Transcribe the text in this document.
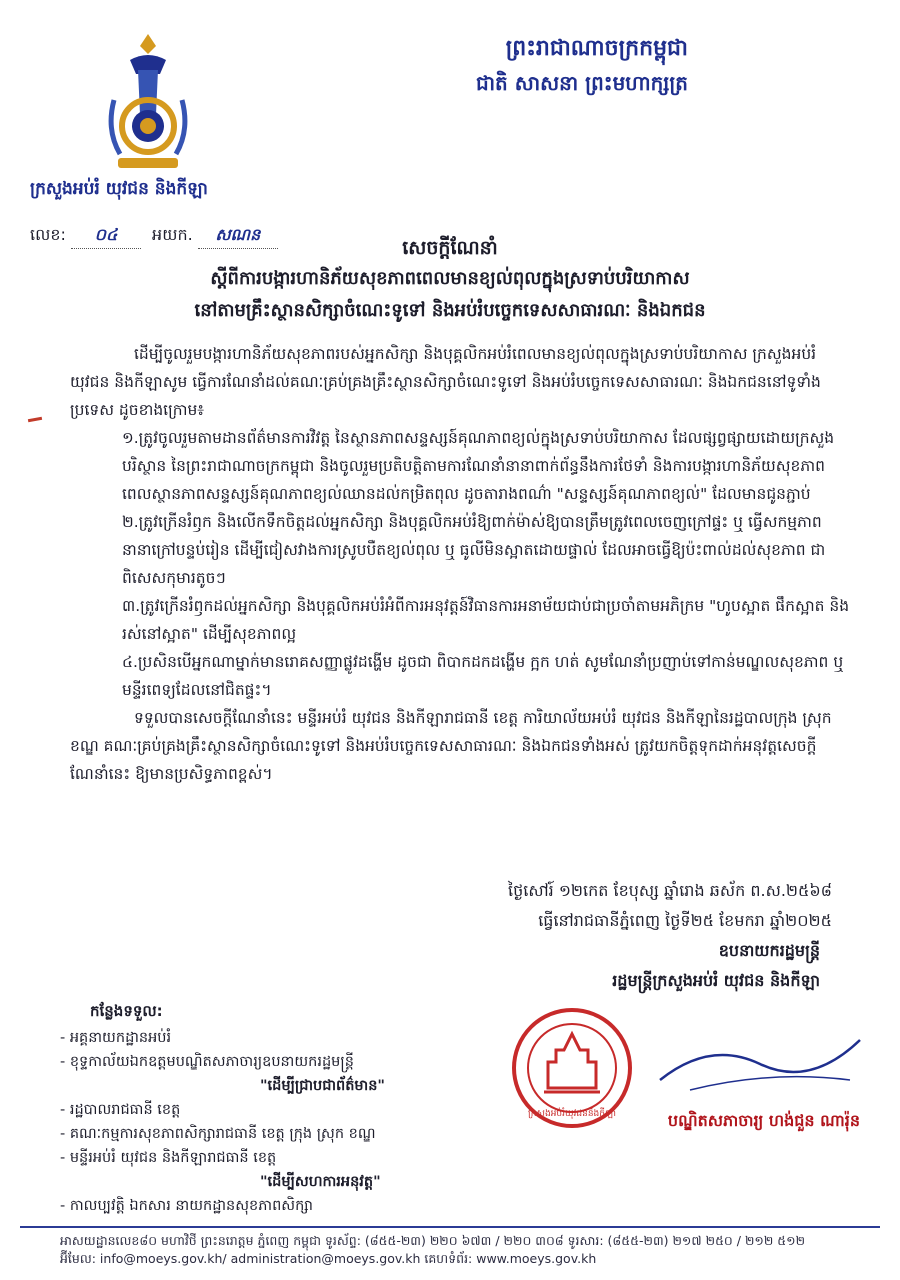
ព្រះរាជាណាចក្រកម្ពុជា
ជាតិ សាសនា ព្រះមហាក្សត្រ
ក្រសួងអប់រំ យុវជន និងកីឡា
លេខ: ០៤ អយក. សណន
សេចក្ដីណែនាំ
ស្ដីពីការបង្ការហានិភ័យសុខភាពពេលមានខ្យល់ពុលក្នុងស្រទាប់បរិយាកាស
នៅតាមគ្រឹះស្ថានសិក្សាចំណេះទូទៅ និងអប់រំបច្ចេកទេសសាធារណៈ និងឯកជន

ដើម្បីចូលរួមបង្ការហានិភ័យសុខភាពរបស់អ្នកសិក្សា និងបុគ្គលិកអប់រំពេលមានខ្យល់ពុលក្នុងស្រទាប់បរិយាកាស ក្រសួងអប់រំ យុវជន និងកីឡាសូម ធ្វើការណែនាំដល់គណៈគ្រប់គ្រងគ្រឹះស្ថានសិក្សាចំណេះទូទៅ និងអប់រំបច្ចេកទេសសាធារណៈ និងឯកជននៅទូទាំងប្រទេស ដូចខាងក្រោម៖

១.ត្រូវចូលរួមតាមដានព័ត៌មានការវិវត្ត នៃស្ថានភាពសន្ទស្សន៍គុណភាពខ្យល់ក្នុងស្រទាប់បរិយាកាស ដែលផ្សព្វផ្សាយដោយក្រសួងបរិស្ថាន នៃព្រះរាជាណាចក្រកម្ពុជា និងចូលរួមប្រតិបត្តិតាមការណែនាំនានាពាក់ព័ន្ធនឹងការថែទាំ និងការបង្ការហានិភ័យសុខភាពពេលស្ថានភាពសន្ទស្សន៍គុណភាពខ្យល់ឈានដល់កម្រិតពុល ដូចតារាងពណ៌ា "សន្ទស្សន៍គុណភាពខ្យល់" ដែលមានជូនភ្ជាប់

២.ត្រូវក្រើនរំឭក និងលើកទឹកចិត្តដល់អ្នកសិក្សា និងបុគ្គលិកអប់រំឱ្យពាក់ម៉ាស់ឱ្យបានត្រឹមត្រូវពេលចេញក្រៅផ្ទះ ឬ ធ្វើសកម្មភាពនានាក្រៅបន្ទប់រៀន ដើម្បីជៀសវាងការស្រូបបឺតខ្យល់ពុល ឬ ធូលីមិនស្អាតដោយផ្ទាល់ ដែលអាចធ្វើឱ្យប៉ះពាល់ដល់សុខភាព ជាពិសេសកុមារតូចៗ

៣.ត្រូវក្រើនរំឭកដល់អ្នកសិក្សា និងបុគ្គលិកអប់រំអំពីការអនុវត្តន៍វិធានការអនាម័យជាប់ជាប្រចាំតាមអភិក្រម "ហូបស្អាត ផឹកស្អាត និងរស់នៅស្អាត" ដើម្បីសុខភាពល្អ

៤.ប្រសិនបើអ្នកណាម្នាក់មានរោគសញ្ញាផ្លូវដង្ហើម ដូចជា ពិបាកដកដង្ហើម ក្អក ហត់ សូមណែនាំប្រញាប់ទៅកាន់មណ្ឌលសុខភាព ឬ មន្ទីរពេទ្យដែលនៅជិតផ្ទះ។

ទទួលបានសេចក្ដីណែនាំនេះ មន្ទីរអប់រំ យុវជន និងកីឡារាជធានី ខេត្ត ការិយាល័យអប់រំ យុវជន និងកីឡានៃរដ្ឋបាលក្រុង ស្រុក ខណ្ឌ គណៈគ្រប់គ្រងគ្រឹះស្ថានសិក្សាចំណេះទូទៅ និងអប់រំបច្ចេកទេសសាធារណៈ និងឯកជនទាំងអស់ ត្រូវយកចិត្តទុកដាក់អនុវត្តសេចក្ដីណែនាំនេះ ឱ្យមានប្រសិទ្ធភាពខ្ពស់។

ថ្ងៃសៅរ៍ ១២កេត ខែបុស្ស ឆ្នាំរោង ឆស័ក ព.ស.២៥៦៨
ធ្វើនៅរាជធានីភ្នំពេញ ថ្ងៃទី២៥ ខែមករា ឆ្នាំ២០២៥
ឧបនាយករដ្ឋមន្ត្រី
រដ្ឋមន្ត្រីក្រសួងអប់រំ យុវជន និងកីឡា
ក្រសួងអប់រំយុវជននិងកីឡា	បណ្ឌិតសភាចារ្យ ហង់ជួន ណារ៉ុន
កន្លែងទទួល:
- អគ្គនាយកដ្ឋានអប់រំ
- ខុទ្ទកាល័យឯកឧត្តមបណ្ឌិតសភាចារ្យឧបនាយករដ្ឋមន្ត្រី
"ដើម្បីជ្រាបជាព័ត៌មាន"
- រដ្ឋបាលរាជធានី ខេត្ត
- គណៈកម្មការសុខភាពសិក្សារាជធានី ខេត្ត ក្រុង ស្រុក ខណ្ឌ
- មន្ទីរអប់រំ យុវជន និងកីឡារាជធានី ខេត្ត
"ដើម្បីសហការអនុវត្ត"
- កាលប្បវត្តិ ឯកសារ នាយកដ្ឋានសុខភាពសិក្សា
អាសយដ្ឋានលេខ៨០ មហាវិថី ព្រះនរោត្តម ភ្នំពេញ កម្ពុជា ទូរស័ព្ទ: (៨៥៥-២៣) ២២០ ៦៧៣ / ២២០ ៣០៨ ទូរសារ: (៨៥៥-២៣) ២១៧ ២៥០ / ២១២ ៥១២
អ៊ីមែល: info@moeys.gov.kh/ administration@moeys.gov.kh គេហទំព័រ: www.moeys.gov.kh
